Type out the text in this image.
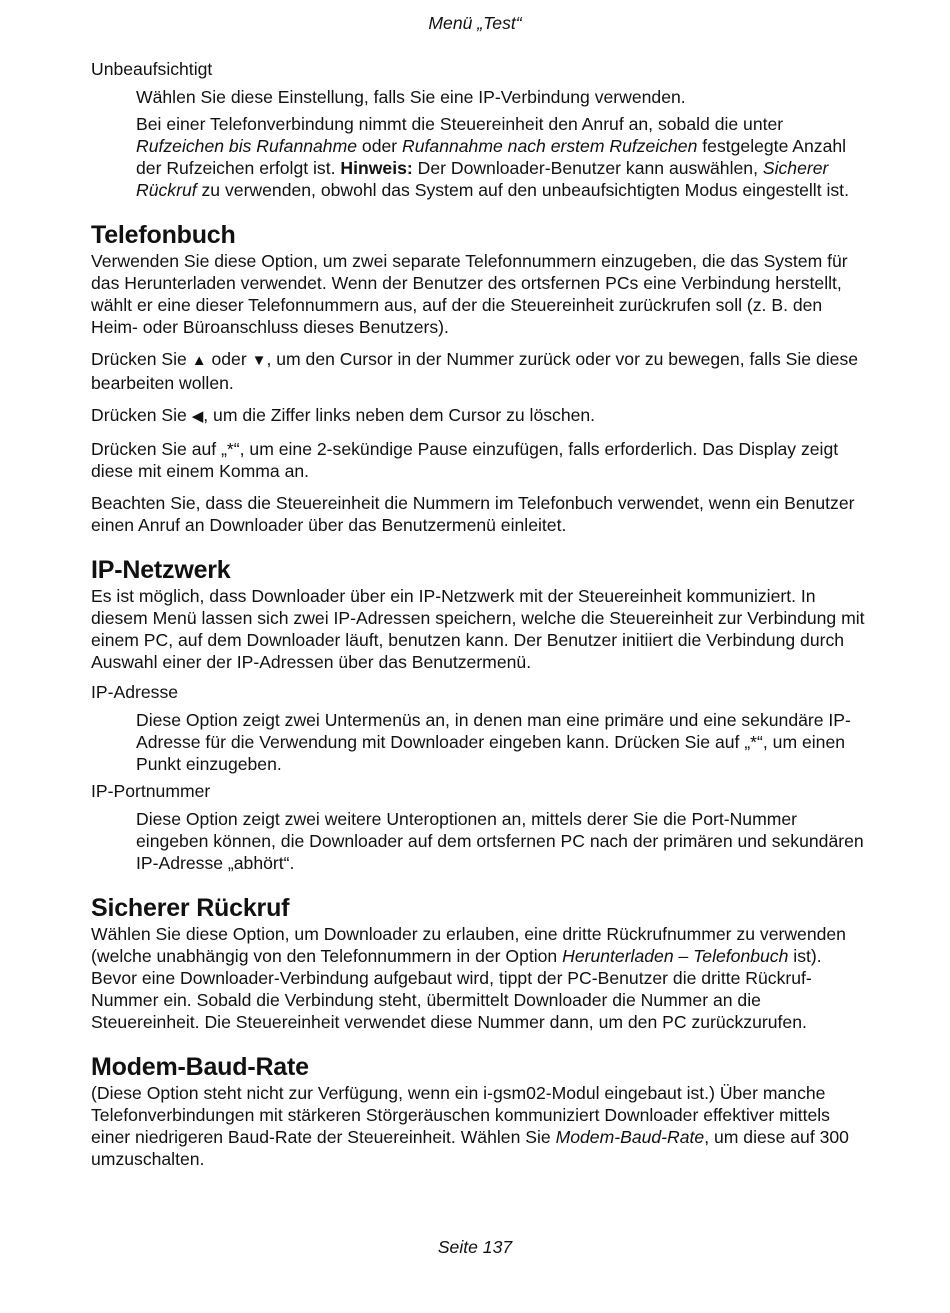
Menü „Test“

Unbeaufsichtigt

Wählen Sie diese Einstellung, falls Sie eine IP-Verbindung verwenden.

Bei einer Telefonverbindung nimmt die Steuereinheit den Anruf an, sobald die unter Rufzeichen bis Rufannahme oder Rufannahme nach erstem Rufzeichen festgelegte Anzahl der Rufzeichen erfolgt ist. Hinweis: Der Downloader-Benutzer kann auswählen, Sicherer Rückruf zu verwenden, obwohl das System auf den unbeaufsichtigten Modus eingestellt ist.

Telefonbuch

Verwenden Sie diese Option, um zwei separate Telefonnummern einzugeben, die das System für das Herunterladen verwendet. Wenn der Benutzer des ortsfernen PCs eine Verbindung herstellt, wählt er eine dieser Telefonnummern aus, auf der die Steuereinheit zurückrufen soll (z. B. den Heim- oder Büroanschluss dieses Benutzers).

Drücken Sie ▲ oder ▼, um den Cursor in der Nummer zurück oder vor zu bewegen, falls Sie diese bearbeiten wollen.

Drücken Sie ◀, um die Ziffer links neben dem Cursor zu löschen.

Drücken Sie auf „*“, um eine 2-sekündige Pause einzufügen, falls erforderlich. Das Display zeigt diese mit einem Komma an.

Beachten Sie, dass die Steuereinheit die Nummern im Telefonbuch verwendet, wenn ein Benutzer einen Anruf an Downloader über das Benutzermenü einleitet.

IP-Netzwerk

Es ist möglich, dass Downloader über ein IP-Netzwerk mit der Steuereinheit kommuniziert. In diesem Menü lassen sich zwei IP-Adressen speichern, welche die Steuereinheit zur Verbindung mit einem PC, auf dem Downloader läuft, benutzen kann. Der Benutzer initiiert die Verbindung durch Auswahl einer der IP-Adressen über das Benutzermenü.

IP-Adresse

Diese Option zeigt zwei Untermenüs an, in denen man eine primäre und eine sekundäre IP-Adresse für die Verwendung mit Downloader eingeben kann. Drücken Sie auf „*“, um einen Punkt einzugeben.

IP-Portnummer

Diese Option zeigt zwei weitere Unteroptionen an, mittels derer Sie die Port-Nummer eingeben können, die Downloader auf dem ortsfernen PC nach der primären und sekundären IP-Adresse „abhört“.

Sicherer Rückruf

Wählen Sie diese Option, um Downloader zu erlauben, eine dritte Rückrufnummer zu verwenden (welche unabhängig von den Telefonnummern in der Option Herunterladen – Telefonbuch ist). Bevor eine Downloader-Verbindung aufgebaut wird, tippt der PC-Benutzer die dritte Rückruf-Nummer ein. Sobald die Verbindung steht, übermittelt Downloader die Nummer an die Steuereinheit. Die Steuereinheit verwendet diese Nummer dann, um den PC zurückzurufen.

Modem-Baud-Rate

(Diese Option steht nicht zur Verfügung, wenn ein i-gsm02-Modul eingebaut ist.) Über manche Telefonverbindungen mit stärkeren Störgeräuschen kommuniziert Downloader effektiver mittels einer niedrigeren Baud-Rate der Steuereinheit. Wählen Sie Modem-Baud-Rate, um diese auf 300 umzuschalten.

Seite 137
